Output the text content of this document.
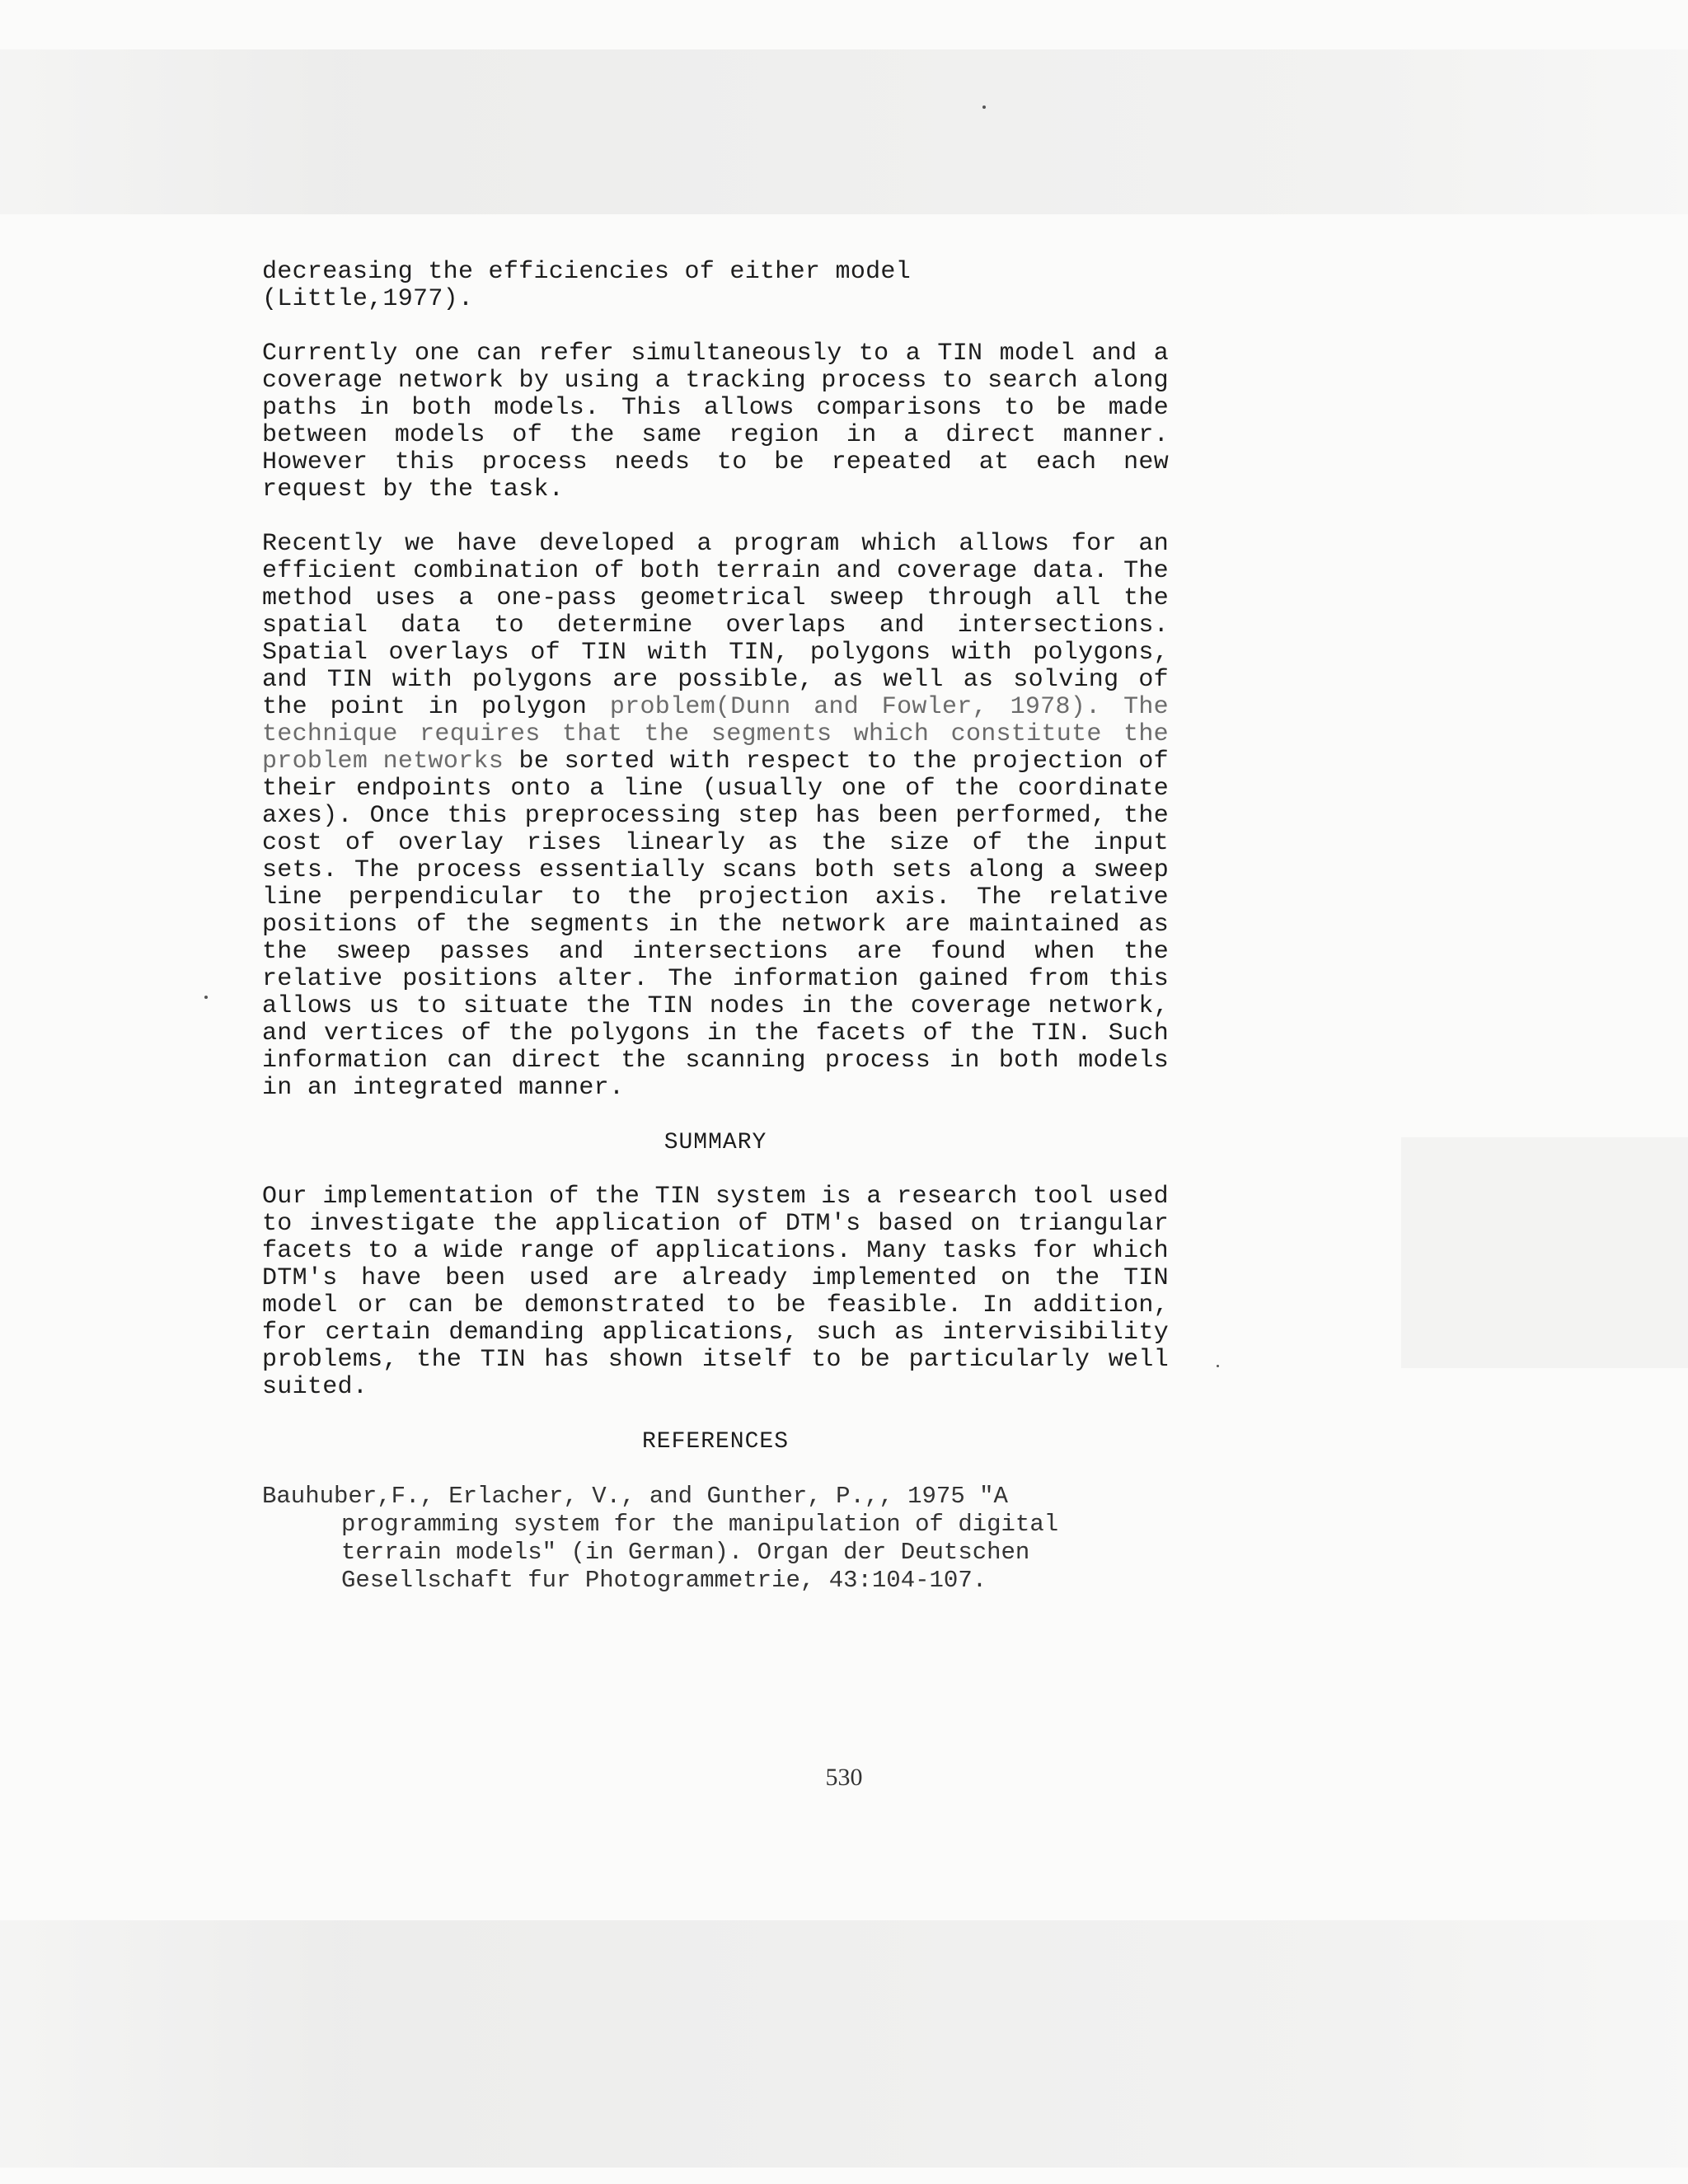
decreasing the efficiencies of either model
(Little,1977).

Currently one can refer simultaneously to a TIN model and a coverage network by using a tracking process to search along paths in both models. This allows comparisons to be made between models of the same region in a direct manner. However this process needs to be repeated at each new request by the task.

Recently we have developed a program which allows for an efficient combination of both terrain and coverage data. The method uses a one-pass geometrical sweep through all the spatial data to determine overlaps and intersections. Spatial overlays of TIN with TIN, polygons with polygons, and TIN with polygons are possible, as well as solving of the point in polygon problem(Dunn and Fowler, 1978). The technique requires that the segments which constitute the problem networks be sorted with respect to the projection of their endpoints onto a line (usually one of the coordinate axes). Once this preprocessing step has been performed, the cost of overlay rises linearly as the size of the input sets. The process essentially scans both sets along a sweep line perpendicular to the projection axis. The relative positions of the segments in the network are maintained as the sweep passes and intersections are found when the relative positions alter. The information gained from this allows us to situate the TIN nodes in the coverage network, and vertices of the polygons in the facets of the TIN. Such information can direct the scanning process in both models in an integrated manner.

SUMMARY

Our implementation of the TIN system is a research tool used to investigate the application of DTM's based on triangular facets to a wide range of applications. Many tasks for which DTM's have been used are already implemented on the TIN model or can be demonstrated to be feasible. In addition, for certain demanding applications, such as intervisibility problems, the TIN has shown itself to be particularly well suited.

REFERENCES

Bauhuber,F., Erlacher, V., and Gunther, P.,, 1975 "A programming system for the manipulation of digital terrain models" (in German). Organ der Deutschen Gesellschaft fur Photogrammetrie, 43:104-107.

530
